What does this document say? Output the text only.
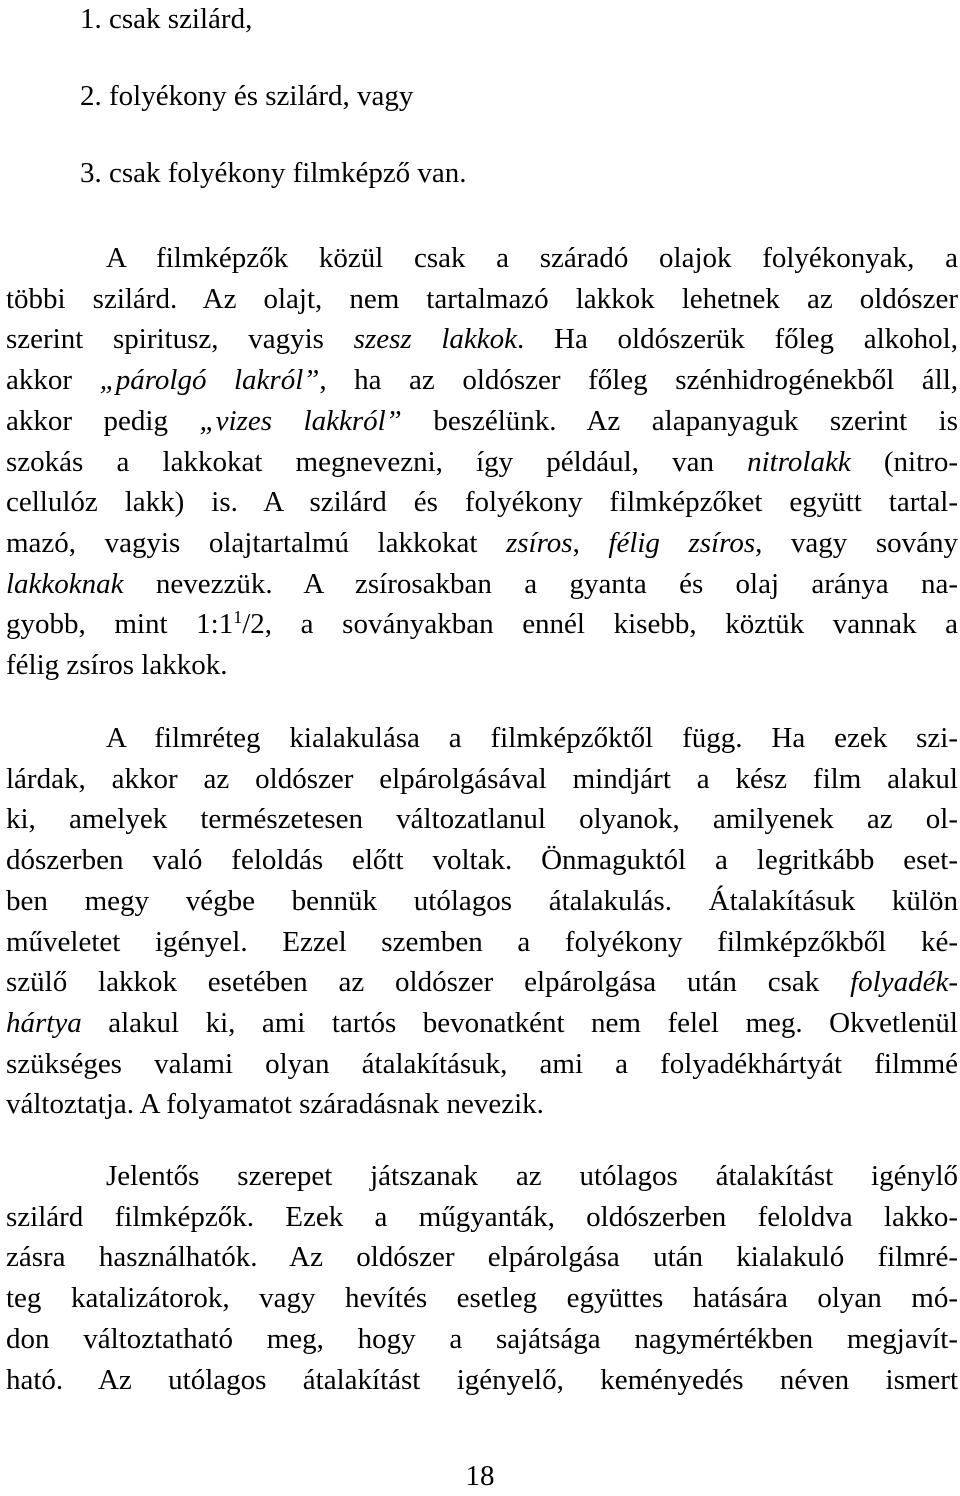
1. csak szilárd,
2. folyékony és szilárd, vagy
3. csak folyékony filmképző van.
A filmképzők közül csak a száradó olajok folyékonyak, a
többi szilárd. Az olajt, nem tartalmazó lakkok lehetnek az oldószer
szerint spiritusz, vagyis szesz lakkok. Ha oldószerük főleg alkohol,
akkor „párolgó lakról”, ha az oldószer főleg szénhidrogénekből áll,
akkor pedig „vizes lakkról” beszélünk. Az alapanyaguk szerint is
szokás a lakkokat megnevezni, így például, van nitrolakk (nitro-
cellulóz lakk) is. A szilárd és folyékony filmképzőket együtt tartal-
mazó, vagyis olajtartalmú lakkokat zsíros, félig zsíros, vagy sovány
lakkoknak nevezzük. A zsírosakban a gyanta és olaj aránya na-
gyobb, mint $1:1^1/2$, a soványakban ennél kisebb, köztük vannak a
félig zsíros lakkok.
A filmréteg kialakulása a filmképzőktől függ. Ha ezek szi-
lárdak, akkor az oldószer elpárolgásával mindjárt a kész film alakul
ki, amelyek természetesen változatlanul olyanok, amilyenek az ol-
dószerben való feloldás előtt voltak. Önmaguktól a legritkább eset-
ben megy végbe bennük utólagos átalakulás. Átalakításuk külön
műveletet igényel. Ezzel szemben a folyékony filmképzőkből ké-
szülő lakkok esetében az oldószer elpárolgása után csak folyadék-
hártya alakul ki, ami tartós bevonatként nem felel meg. Okvetlenül
szükséges valami olyan átalakításuk, ami a folyadékhártyát filmmé
változtatja. A folyamatot száradásnak nevezik.
Jelentős szerepet játszanak az utólagos átalakítást igénylő
szilárd filmképzők. Ezek a műgyanták, oldószerben feloldva lakko-
zásra használhatók. Az oldószer elpárolgása után kialakuló filmré-
teg katalizátorok, vagy hevítés esetleg együttes hatására olyan mó-
don változtatható meg, hogy a sajátsága nagymértékben megjavít-
ható. Az utólagos átalakítást igényelő, keményedés néven ismert
18
